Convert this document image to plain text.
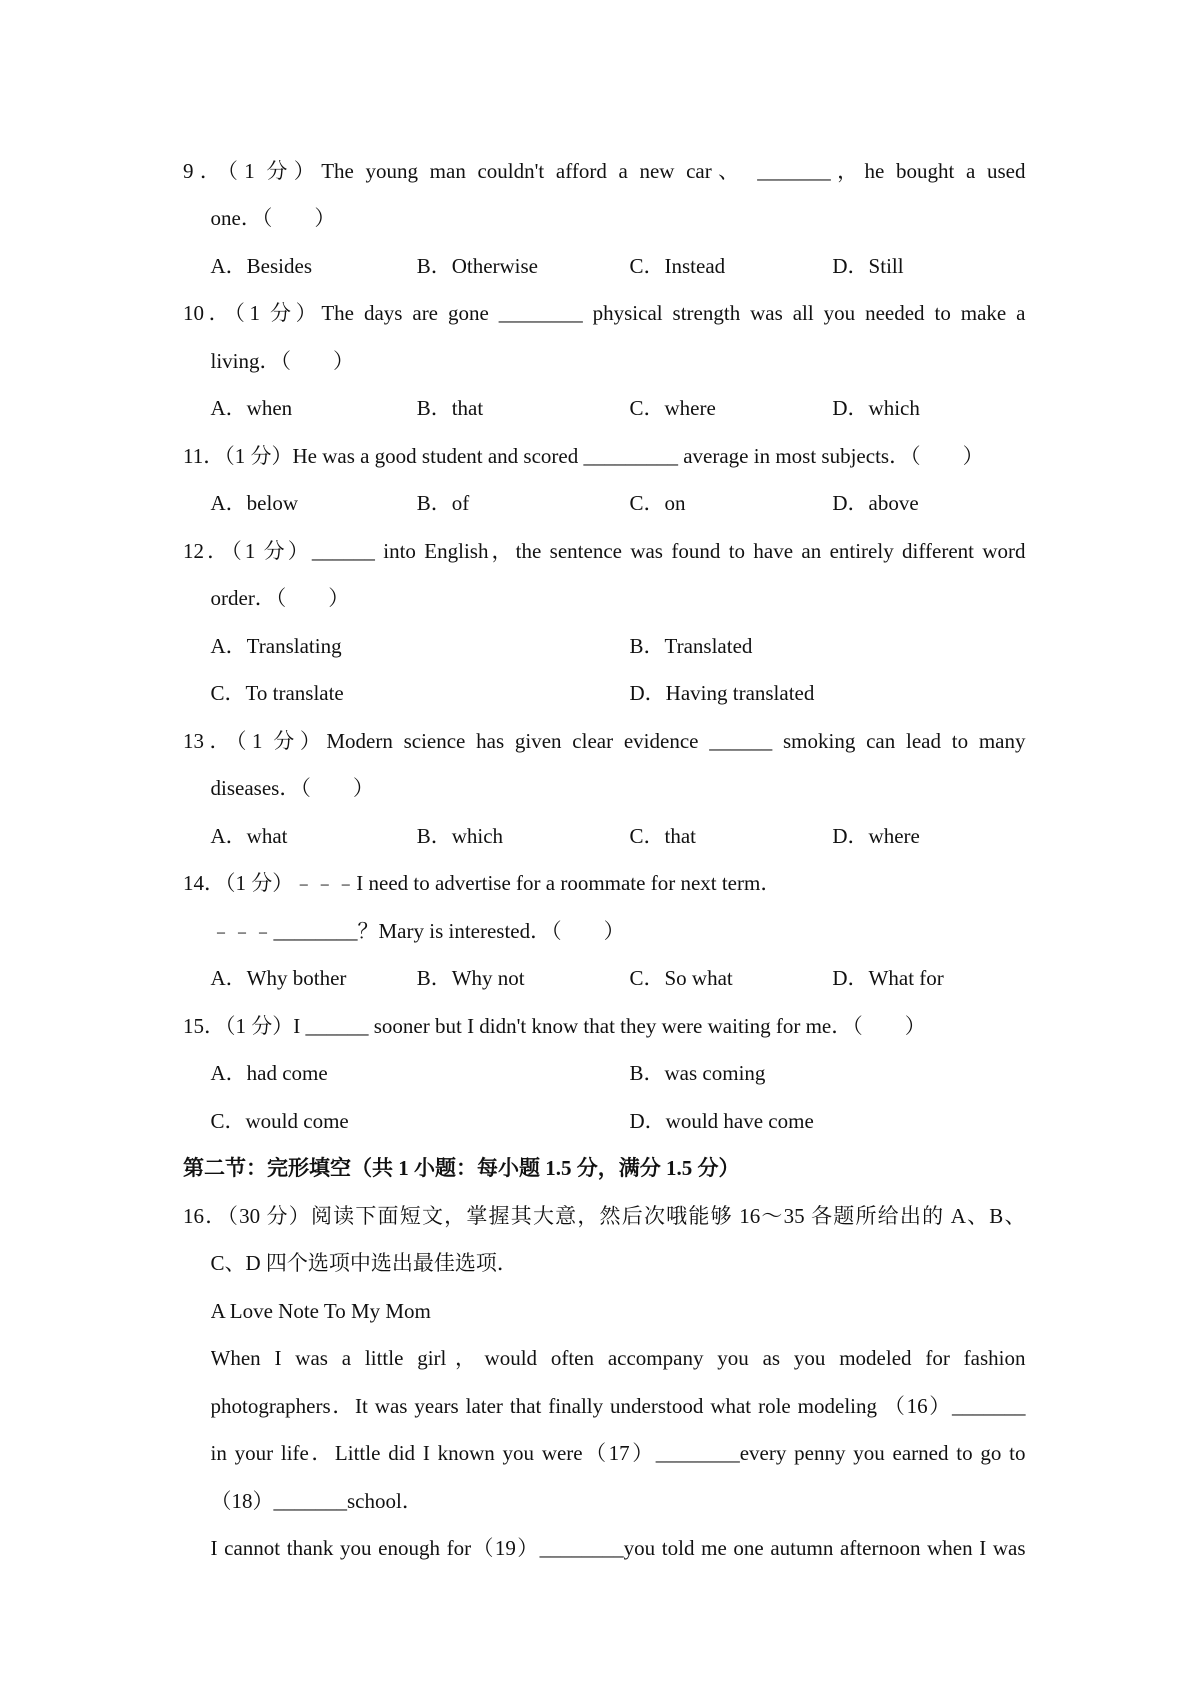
9．（1 分）The young man couldn't afford a new car、 _______，he bought a used
one．（　　）
A．Besides	B．Otherwise	C．Instead	D．Still
10．（1 分）The days are gone ________ physical strength was all you needed to make a
living．（　　）
A．when	B．that	C．where	D．which
11．（1 分）He was a good student and scored _________ average in most subjects．（　　）
A．below	B．of	C．on	D．above
12．（1 分）______ into English，the sentence was found to have an entirely different word
order．（　　）
A．Translating	B．Translated
C．To translate	D．Having translated
13．（1 分）Modern science has given clear evidence ______ smoking can lead to many
diseases．（　　）
A．what	B．which	C．that	D．where
14．（1 分）﹣﹣﹣I need to advertise for a roommate for next term．
﹣﹣﹣________？Mary is interested．（　　）
A．Why bother	B．Why not	C．So what	D．What for
15．（1 分）I ______ sooner but I didn't know that they were waiting for me．（　　）
A．had come	B．was coming
C．would come	D．would have come
第二节：完形填空（共 1 小题：每小题 1.5 分，满分 1.5 分）
16．（30 分）阅读下面短文，掌握其大意，然后次哦能够 16～35 各题所给出的 A、B、
C、D 四个选项中选出最佳选项．
A Love Note To My Mom
When I was a little girl，would often accompany you as you modeled for fashion
photographers．It was years later that finally understood what role modeling （16）_______
in your life．Little did I known you were（17）________every penny you earned to go to
（18）_______school．
I cannot thank you enough for（19）________you told me one autumn afternoon when I was
